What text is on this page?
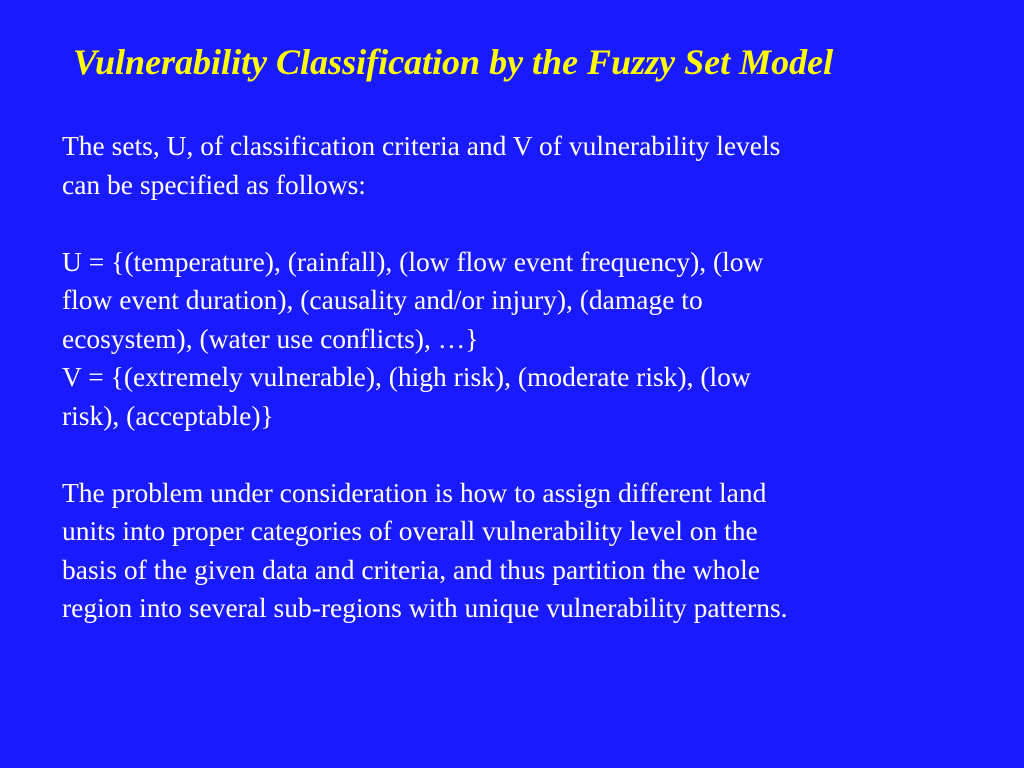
Vulnerability Classification by the Fuzzy Set Model
The sets, U, of classification criteria and V of vulnerability levels
can be specified as follows:
U = {(temperature), (rainfall), (low flow event frequency), (low
flow event duration), (causality and/or injury), (damage to
ecosystem), (water use conflicts), …}
V = {(extremely vulnerable), (high risk), (moderate risk), (low
risk), (acceptable)}
The problem under consideration is how to assign different land
units into proper categories of overall vulnerability level on the
basis of the given data and criteria, and thus partition the whole
region into several sub-regions with unique vulnerability patterns.
